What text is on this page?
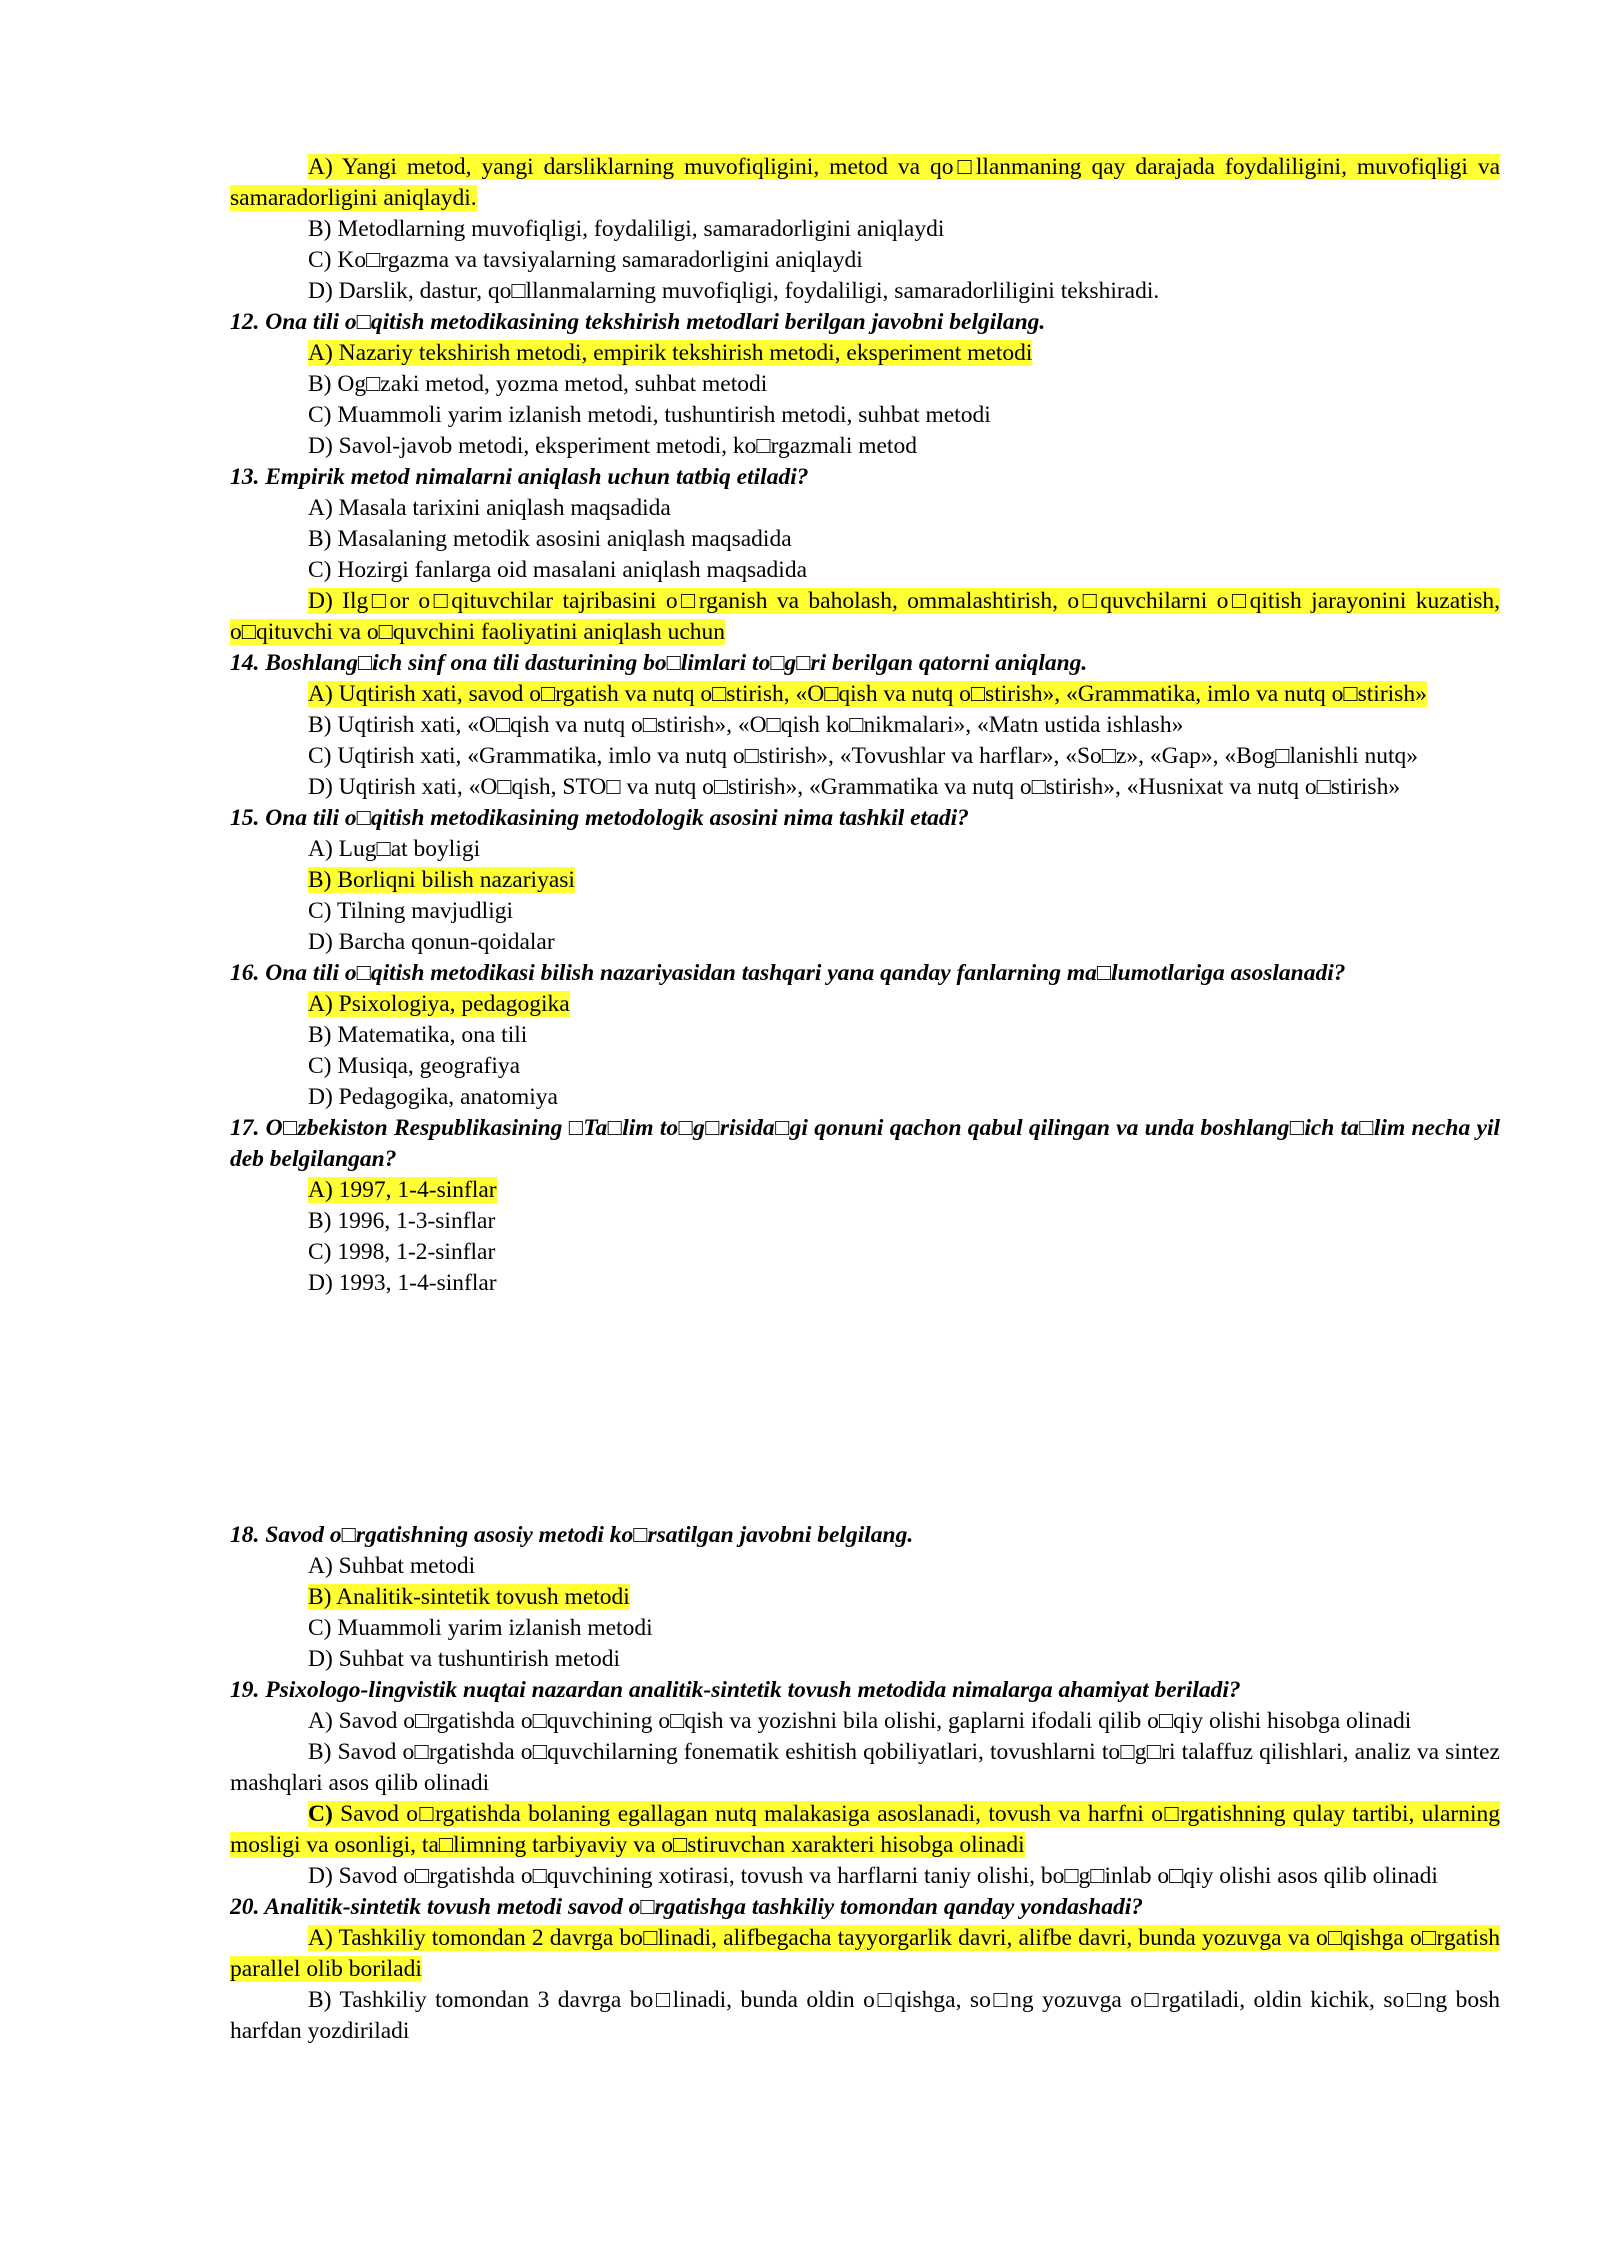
A) Yangi metod, yangi darsliklarning muvofiqligini, metod va qo□llanmaning qay darajada foydaliligini, muvofiqligi va samaradorligini aniqlaydi.

B) Metodlarning muvofiqligi, foydaliligi, samaradorligini aniqlaydi

C) Ko□rgazma va tavsiyalarning samaradorligini aniqlaydi

D) Darslik, dastur, qo□llanmalarning muvofiqligi, foydaliligi, samaradorliligini tekshiradi.

12. Ona tili o□qitish metodikasining tekshirish metodlari berilgan javobni belgilang.

A) Nazariy tekshirish metodi, empirik tekshirish metodi, eksperiment metodi

B) Og□zaki metod, yozma metod, suhbat metodi

C) Muammoli yarim izlanish metodi, tushuntirish metodi, suhbat metodi

D) Savol-javob metodi, eksperiment metodi, ko□rgazmali metod

13. Empirik metod nimalarni aniqlash uchun tatbiq etiladi?

A) Masala tarixini aniqlash maqsadida

B) Masalaning metodik asosini aniqlash maqsadida

C) Hozirgi fanlarga oid masalani aniqlash maqsadida

D) Ilg□or o□qituvchilar tajribasini o□rganish va baholash, ommalashtirish, o□quvchilarni o□qitish jarayonini kuzatish, o□qituvchi va o□quvchini faoliyatini aniqlash uchun

14. Boshlang□ich sinf ona tili dasturining bo□limlari to□g□ri berilgan qatorni aniqlang.

A) Uqtirish xati, savod o□rgatish va nutq o□stirish, «O□qish va nutq o□stirish», «Grammatika, imlo va nutq o□stirish»

B) Uqtirish xati, «O□qish va nutq o□stirish», «O□qish ko□nikmalari», «Matn ustida ishlash»

C) Uqtirish xati, «Grammatika, imlo va nutq o□stirish», «Tovushlar va harflar», «So□z», «Gap», «Bog□lanishli nutq»

D) Uqtirish xati, «O□qish, STO□ va nutq o□stirish», «Grammatika va nutq o□stirish», «Husnixat va nutq o□stirish»

15. Ona tili o□qitish metodikasining metodologik asosini nima tashkil etadi?

A) Lug□at boyligi

B) Borliqni bilish nazariyasi

C) Tilning mavjudligi

D) Barcha qonun-qoidalar

16. Ona tili o□qitish metodikasi bilish nazariyasidan tashqari yana qanday fanlarning ma□lumotlariga asoslanadi?

A) Psixologiya, pedagogika

B) Matematika, ona tili

C) Musiqa, geografiya

D) Pedagogika, anatomiya

17. O□zbekiston Respublikasining □Ta□lim to□g□risida□gi qonuni qachon qabul qilingan va unda boshlang□ich ta□lim necha yil deb belgilangan?

A) 1997, 1-4-sinflar

B) 1996, 1-3-sinflar

C) 1998, 1-2-sinflar

D) 1993, 1-4-sinflar

18. Savod o□rgatishning asosiy metodi ko□rsatilgan javobni belgilang.

A) Suhbat metodi

B) Analitik-sintetik tovush metodi

C) Muammoli yarim izlanish metodi

D) Suhbat va tushuntirish metodi

19. Psixologo-lingvistik nuqtai nazardan analitik-sintetik tovush metodida nimalarga ahamiyat beriladi?

A) Savod o□rgatishda o□quvchining o□qish va yozishni bila olishi, gaplarni ifodali qilib o□qiy olishi hisobga olinadi

B) Savod o□rgatishda o□quvchilarning fonematik eshitish qobiliyatlari, tovushlarni to□g□ri talaffuz qilishlari, analiz va sintez mashqlari asos qilib olinadi

C) Savod o□rgatishda bolaning egallagan nutq malakasiga asoslanadi, tovush va harfni o□rgatishning qulay tartibi, ularning mosligi va osonligi, ta□limning tarbiyaviy va o□stiruvchan xarakteri hisobga olinadi

D) Savod o□rgatishda o□quvchining xotirasi, tovush va harflarni taniy olishi, bo□g□inlab o□qiy olishi asos qilib olinadi

20. Analitik-sintetik tovush metodi savod o□rgatishga tashkiliy tomondan qanday yondashadi?

A) Tashkiliy tomondan 2 davrga bo□linadi, alifbegacha tayyorgarlik davri, alifbe davri, bunda yozuvga va o□qishga o□rgatish parallel olib boriladi

B) Tashkiliy tomondan 3 davrga bo□linadi, bunda oldin o□qishga, so□ng yozuvga o□rgatiladi, oldin kichik, so□ng bosh harfdan yozdiriladi
